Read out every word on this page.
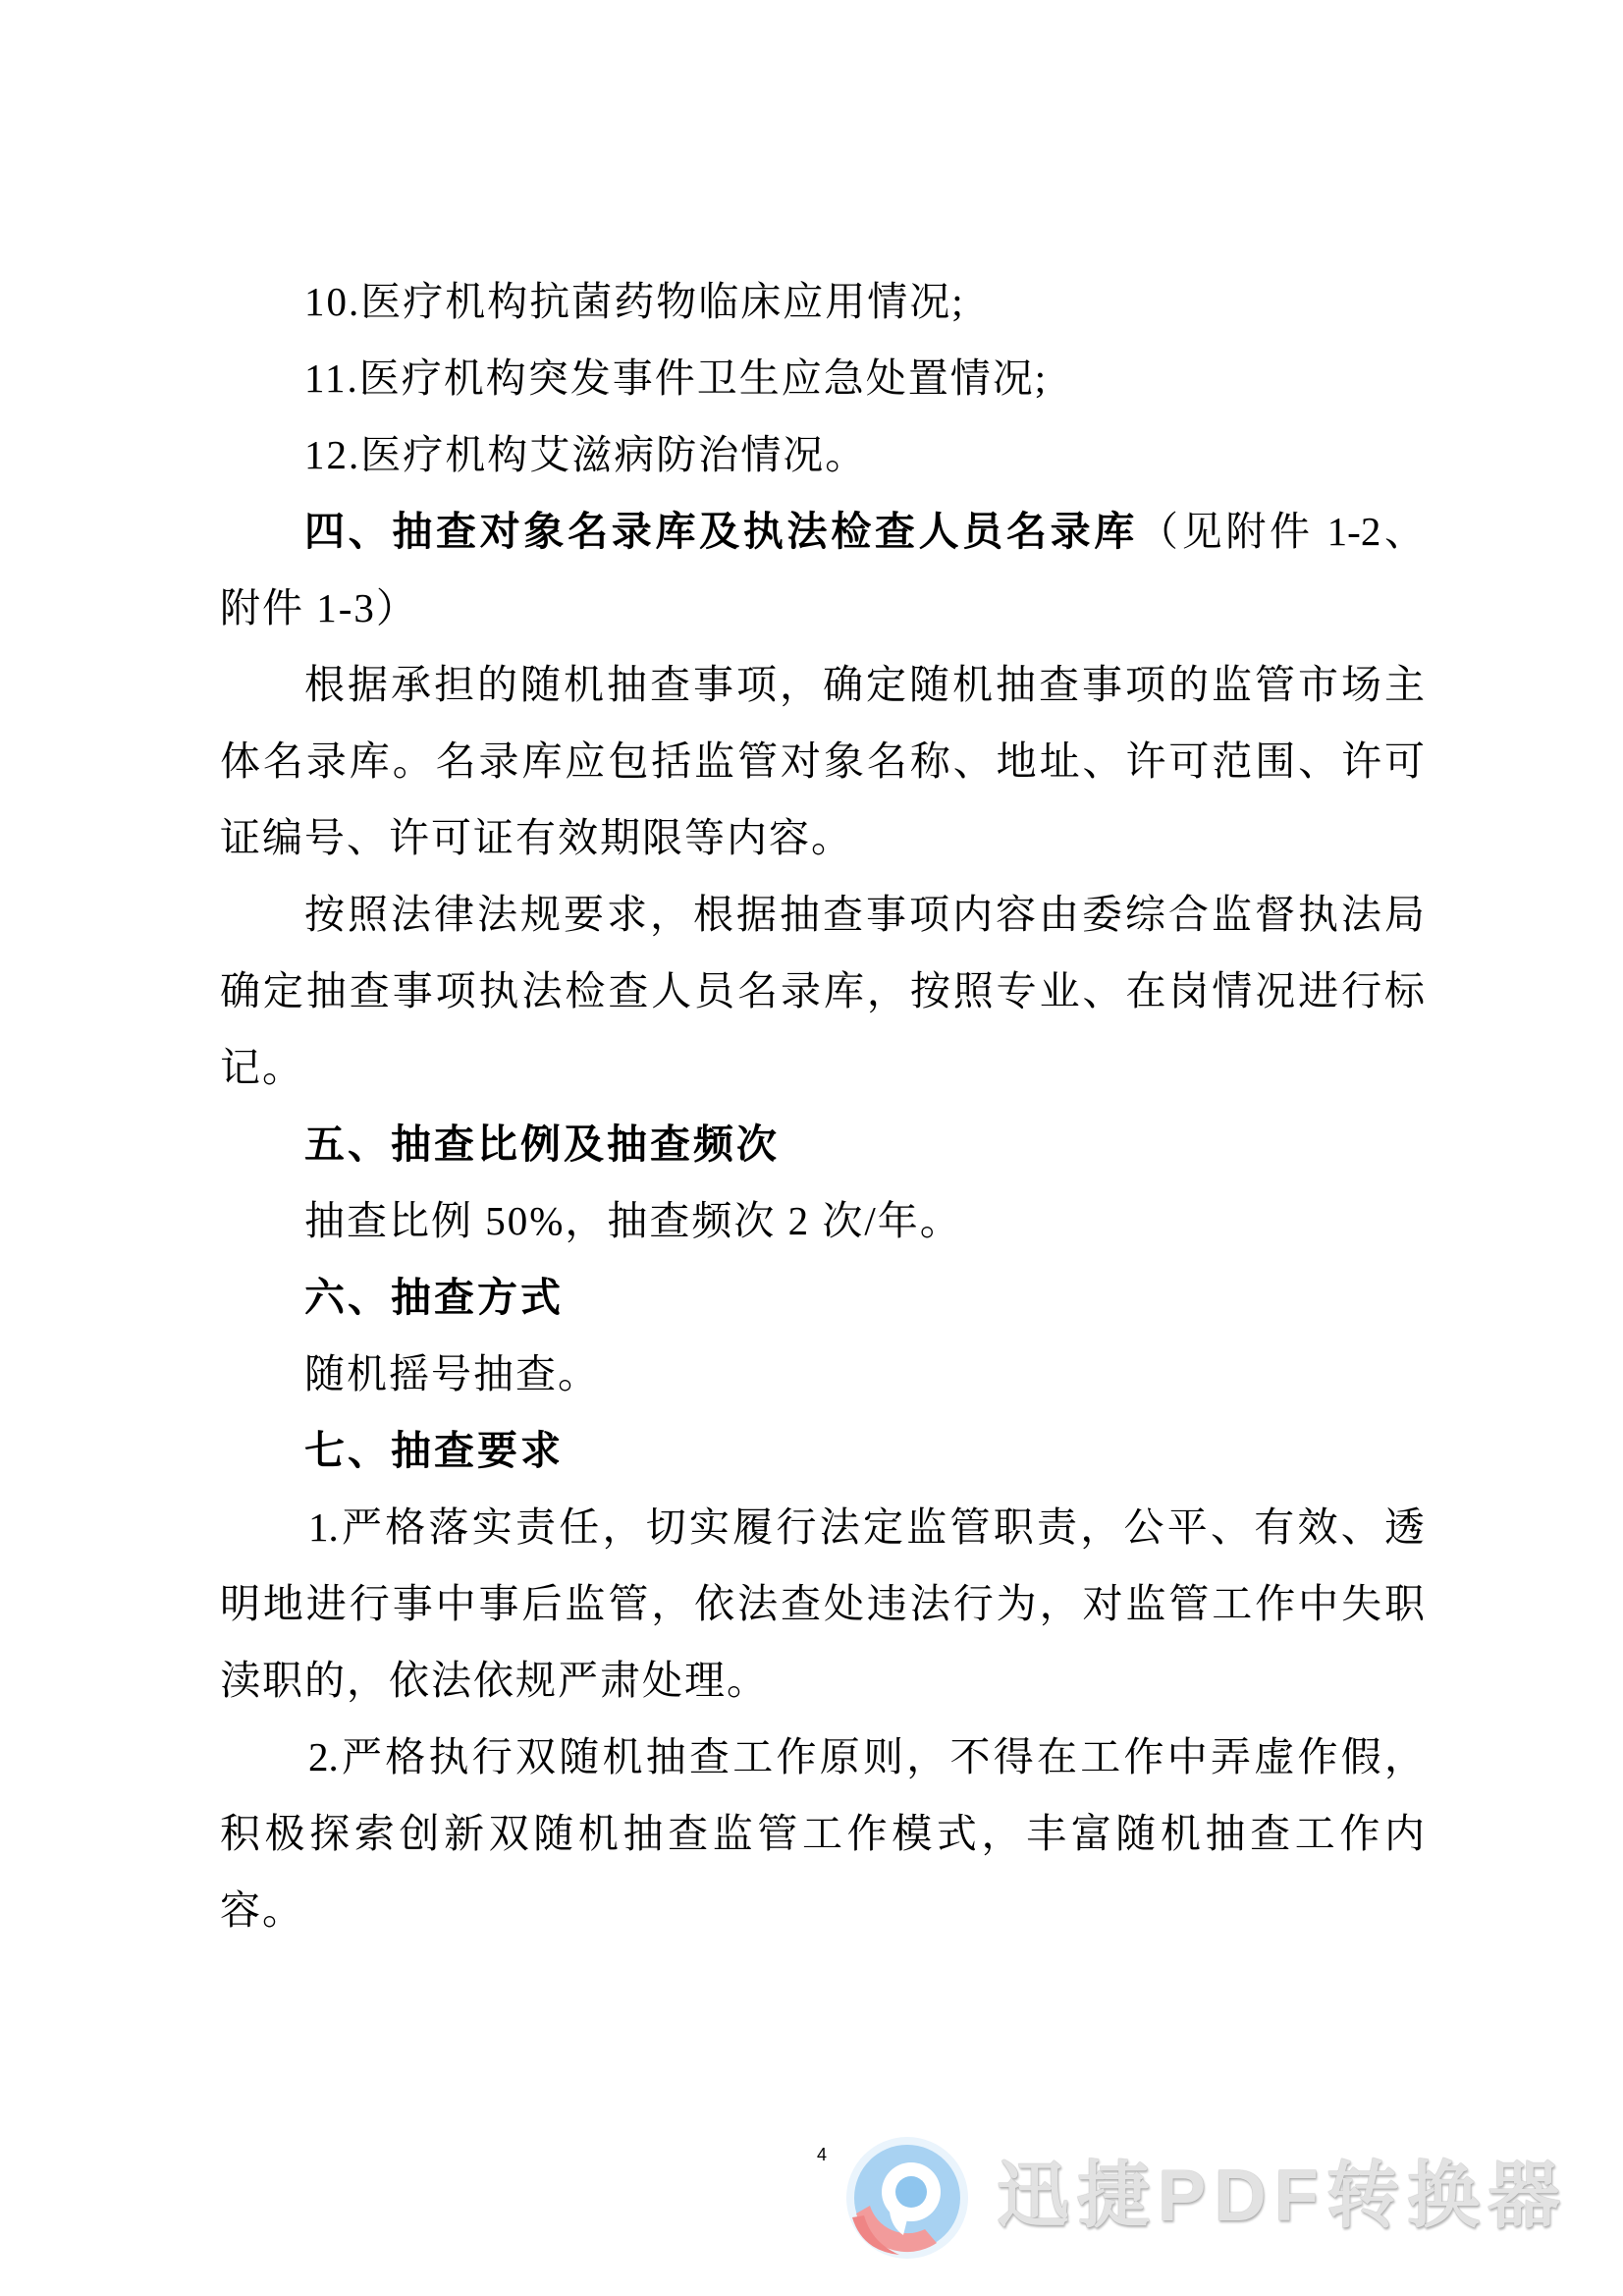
10.医疗机构抗菌药物临床应用情况;
11.医疗机构突发事件卫生应急处置情况;
12.医疗机构艾滋病防治情况。
四、抽查对象名录库及执法检查人员名录库（见附件 1-2、
附件 1-3）
根据承担的随机抽查事项，确定随机抽查事项的监管市场主
体名录库。名录库应包括监管对象名称、地址、许可范围、许可
证编号、许可证有效期限等内容。
按照法律法规要求，根据抽查事项内容由委综合监督执法局
确定抽查事项执法检查人员名录库，按照专业、在岗情况进行标
记。
五、抽查比例及抽查频次
抽查比例 50%，抽查频次 2 次/年。
六、抽查方式
随机摇号抽查。
七、抽查要求
1.严格落实责任，切实履行法定监管职责，公平、有效、透
明地进行事中事后监管，依法查处违法行为，对监管工作中失职
渎职的，依法依规严肃处理。
2.严格执行双随机抽查工作原则，不得在工作中弄虚作假，
积极探索创新双随机抽查监管工作模式，丰富随机抽查工作内
容。
4 迅捷PDF转换器
